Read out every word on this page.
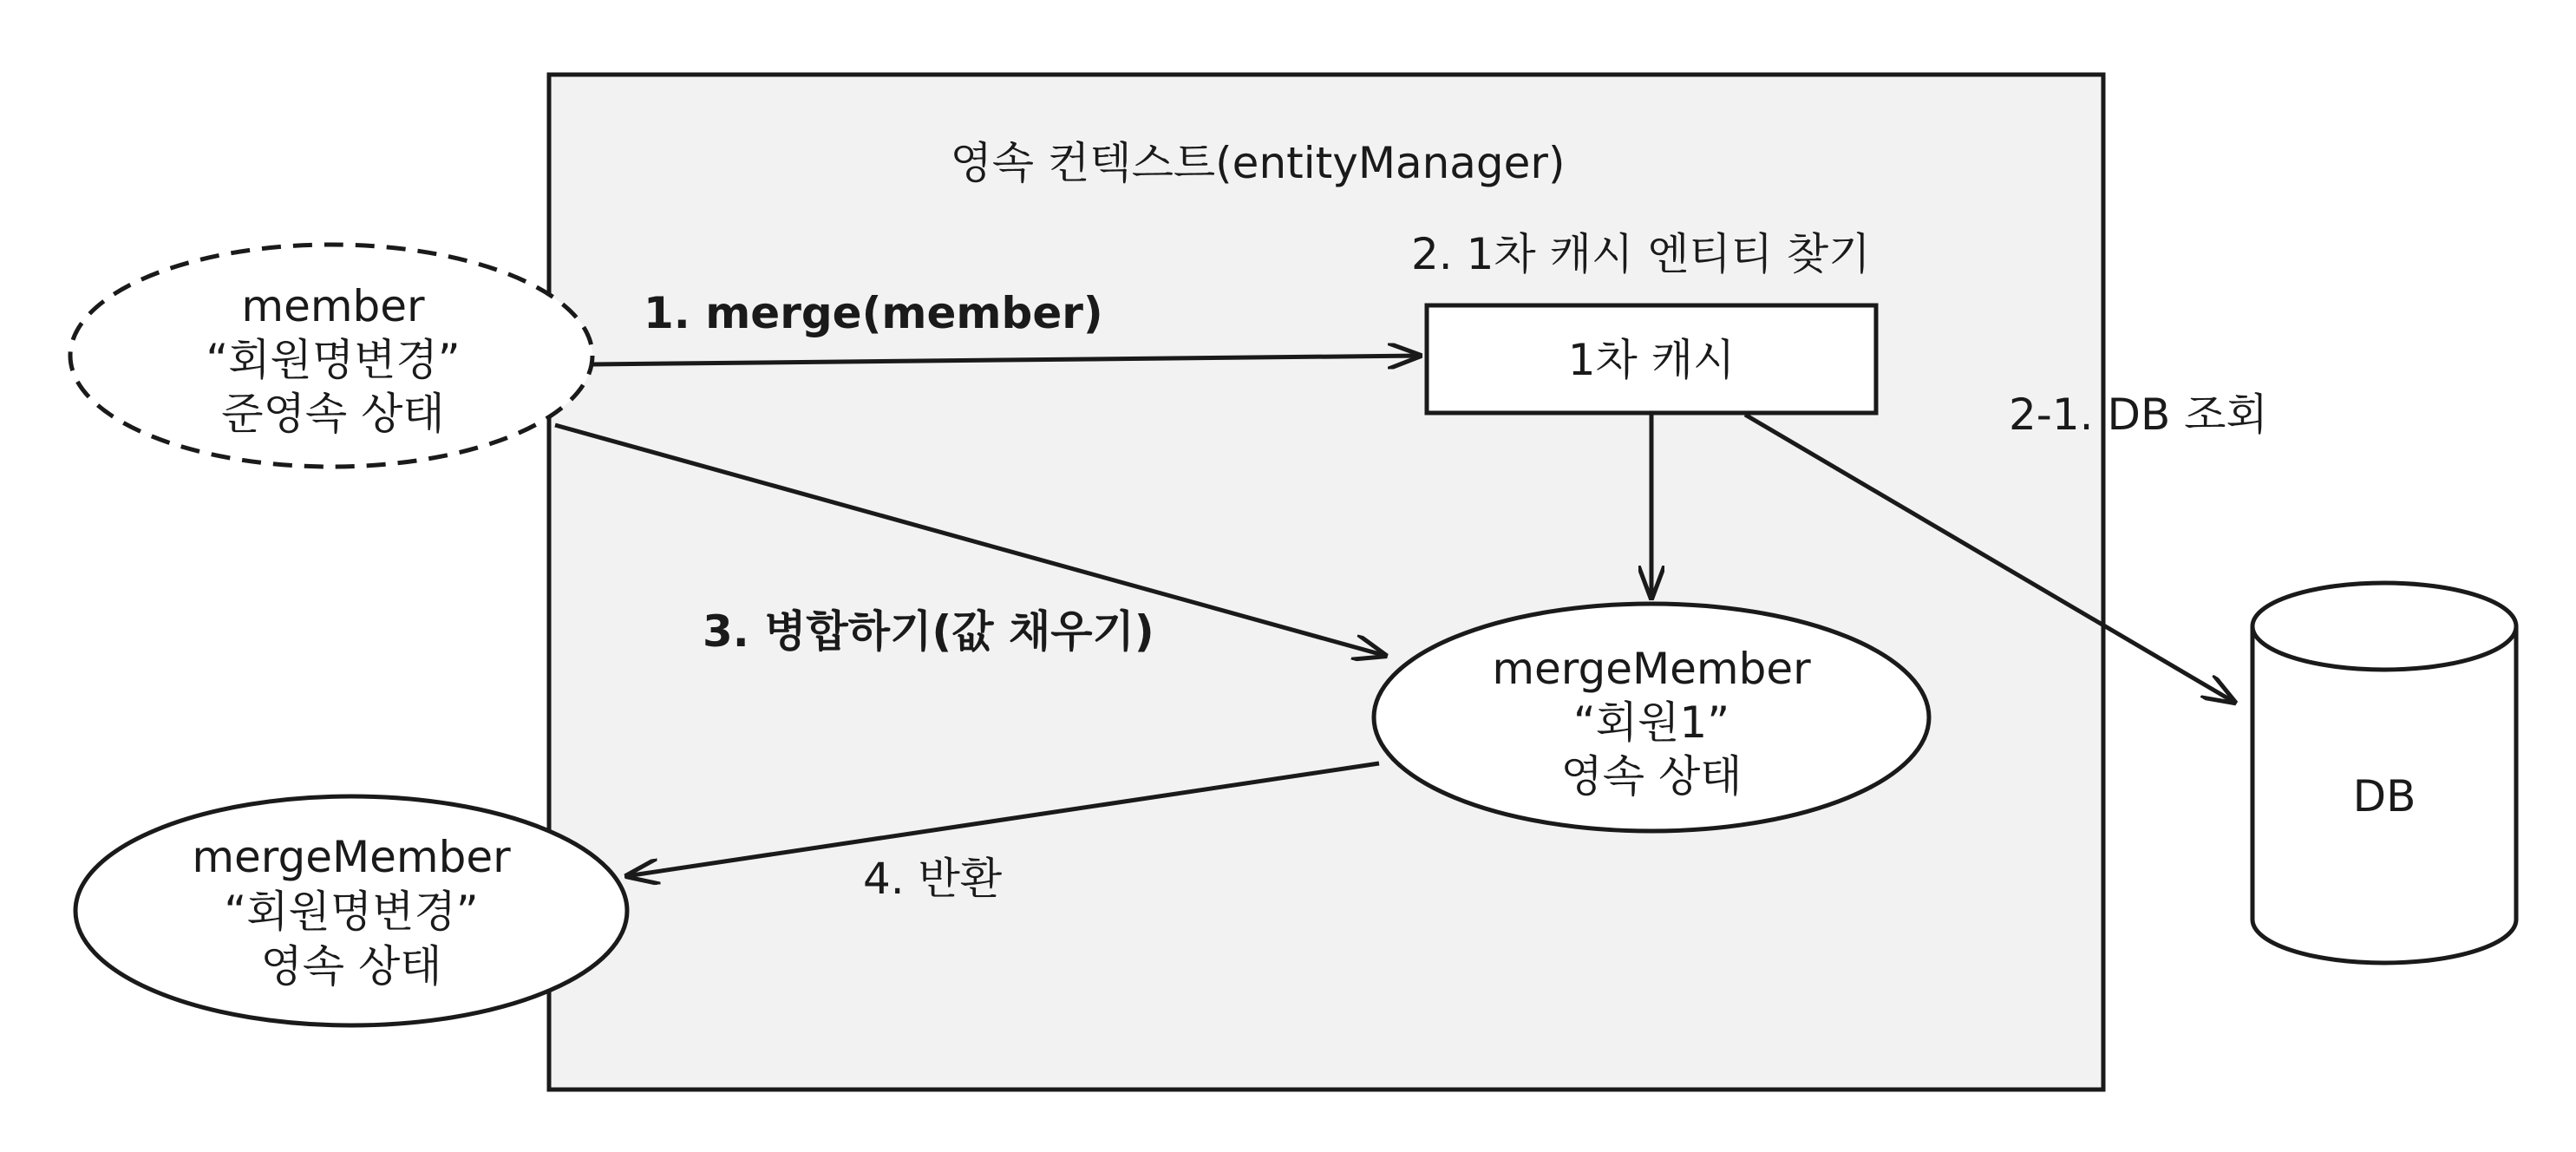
영속 컨텍스트(entityManager)
2. 1차 캐시 엔티티 찾기
1차 캐시
member
“회원명변경”
준영속 상태
mergeMember
“회원1”
영속 상태
mergeMember
“회원명변경”
영속 상태
DB
2-1. DB 조회
1. merge(member)
3. 병합하기(값 채우기)
4. 반환
